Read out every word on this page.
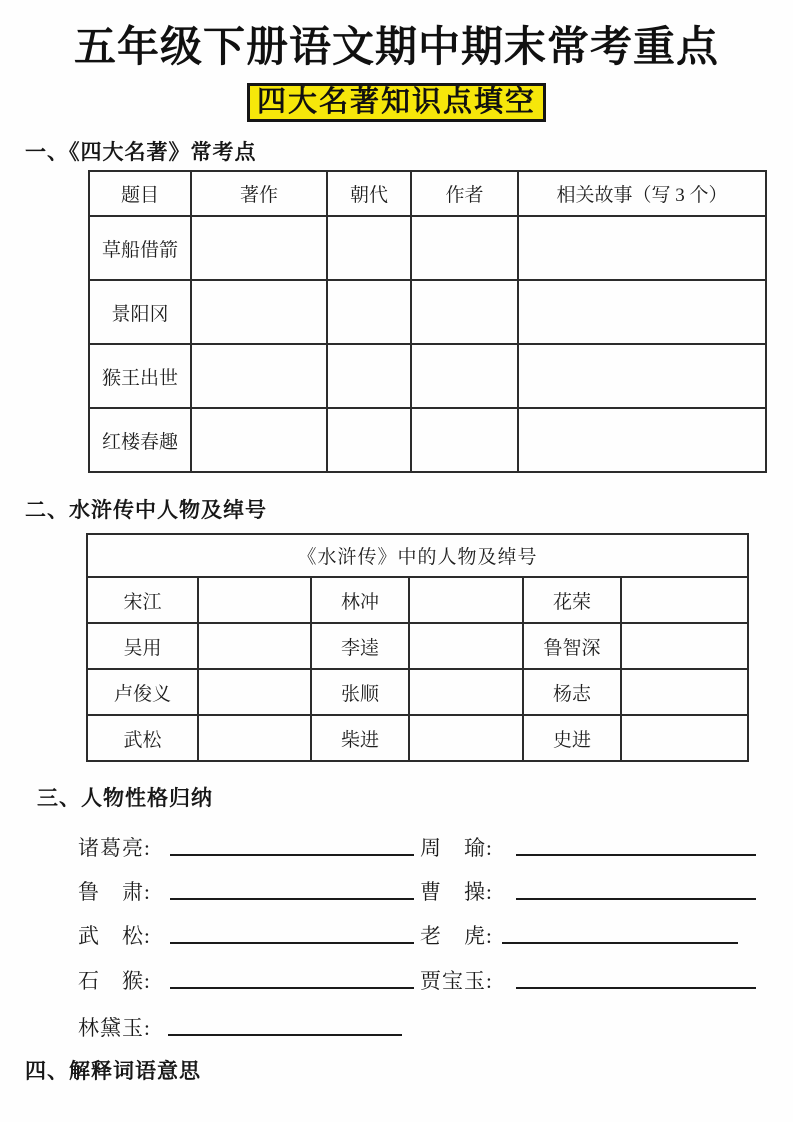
五年级下册语文期中期末常考重点
四大名著知识点填空
一、《四大名著》常考点
题目	著作	朝代	作者	相关故事（写 3 个）
草船借箭				
景阳冈				
猴王出世				
红楼春趣				
二、水浒传中人物及绰号
《水浒传》中的人物及绰号					
宋江		林冲		花荣	
吴用		李逵		鲁智深	
卢俊义		张顺		杨志	
武松		柴进		史进	
三、人物性格归纳
诸葛亮:	周　瑜:
鲁　肃:	曹　操:
武　松:	老　虎:
石　猴:	贾宝玉:
林黛玉:
四、解释词语意思
